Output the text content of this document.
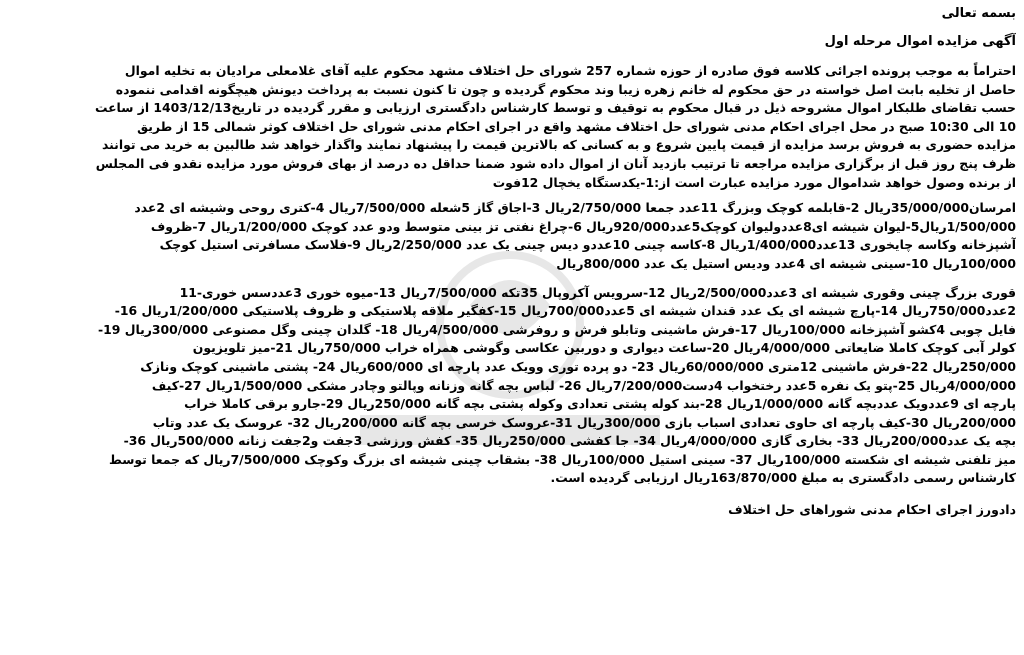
بسمه تعالی
آگهی مزایده اموال مرحله اول
احتراماً به موجب پرونده اجرائی کلاسه فوق صادره از حوزه شماره 257 شورای حل اختلاف مشهد محکوم علیه آقای غلامعلی مرادیان به تخلیه اموال
حاصل از تخلیه بابت اصل خواسته در حق محکوم له خانم زهره زیبا وند محکوم گردیده و چون تا کنون نسبت به پرداخت دیونش هیچگونه اقدامی ننموده
حسب تقاضای طلبکار اموال مشروحه ذیل در قبال محکوم به توقیف و توسط کارشناس دادگستری ارزیابی و مقرر گردیده در تاریخ1403/12/13 از ساعت
10 الی 10:30 صبح در محل اجرای احکام مدنی شورای حل اختلاف مشهد واقع در اجرای احکام مدنی شورای حل اختلاف کوثر شمالی 15 از طریق
مزایده حضوری به فروش برسد مزایده از قیمت پایین شروع و به کسانی که بالاترین قیمت را پیشنهاد نمایند واگذار خواهد شد طالبین به خرید می توانند
ظرف پنج روز قبل از برگزاری مزایده مراجعه تا ترتیب بازدید آنان از اموال داده شود ضمنا حداقل ده درصد از بهای فروش مورد مزایده نقدو فی المجلس
از برنده وصول خواهد شداموال مورد مزایده عبارت است از:1-یکدستگاه یخچال 12فوت
امرسان35/000/000ریال 2-قابلمه کوچک وبزرگ 11عدد جمعا 2/750/000ریال 3-اجاق گاز 5شعله 7/500/000ریال 4-کتری روحی وشیشه ای 2عدد
1/500/000ریال5-لیوان شیشه ای8عددولیوان کوچک5عدد920/000ریال 6-چراغ نفتی تز بینی متوسط ودو عدد کوچک 1/200/000ریال 7-ظروف
آشپزخانه وکاسه چایخوری 13عدد1/400/000ریال 8-کاسه چینی 10عددو دیس چینی یک عدد 2/250/000ریال 9-فلاسک مسافرتی استیل کوچک
100/000ریال 10-سینی شیشه ای 4عدد ودیس استیل یک عدد 800/000ریال
قوری بزرگ چینی وقوری شیشه ای 3عدد2/500/000ریال 12-سرویس آکروپال 35تکه 7/500/000ریال 13-میوه خوری 3عددسس خوری-11
2عدد750/000ریال 14-پارچ شیشه ای یک عدد قندان شیشه ای 5عدد700/000ریال 15-کفگیر ملاقه پلاستیکی و ظروف پلاستیکی 1/200/000ریال 16-
فایل چوبی 4کشو آشپزخانه 100/000ریال 17-فرش ماشینی وتابلو فرش و روفرشی 4/500/000ریال 18- گلدان چینی وگل مصنوعی 300/000ریال 19-
کولر آبی کوچک کاملا ضایعاتی 4/000/000ریال 20-ساعت دیواری و دوربین عکاسی وگوشی همراه خراب 750/000ریال 21-میز تلویزیون
250/000ریال 22-فرش ماشینی 12متری 60/000/000ریال 23- دو پرده توری وویک عدد پارچه ای 600/000ریال 24- پشتی ماشینی کوچک ونازک
4/000/000ریال 25-پتو یک نفره 5عدد رختخواب 4دست7/200/000ریال 26- لباس بچه گانه وزنانه وپالتو وچادر مشکی 1/500/000ریال 27-کیف
پارچه ای 9عددویک عددبچه گانه 1/000/000ریال 28-بند کوله پشتی تعدادی وکوله پشتی بچه گانه 250/000ریال 29-جارو برقی کاملا خراب
200/000ریال 30-کیف پارچه ای حاوی تعدادی اسباب بازی 300/000ریال 31-عروسک خرسی بچه گانه 200/000ریال 32- عروسک یک عدد وتاب
بچه یک عدد200/000ریال 33- بخاری گازی 4/000/000ریال 34- جا کفشی 250/000ریال 35- کفش ورزشی 3جفت و2جفت زنانه 500/000ریال 36-
میز تلفنی شیشه ای شکسته 100/000ریال 37- سینی استیل 100/000ریال 38- بشقاب چینی شیشه ای بزرگ وکوچک 7/500/000ریال که جمعا توسط
کارشناس رسمی دادگستری به مبلغ 163/870/000ریال ارزیابی گردیده است.
دادورز اجرای احکام مدنی شوراهای حل اختلاف
